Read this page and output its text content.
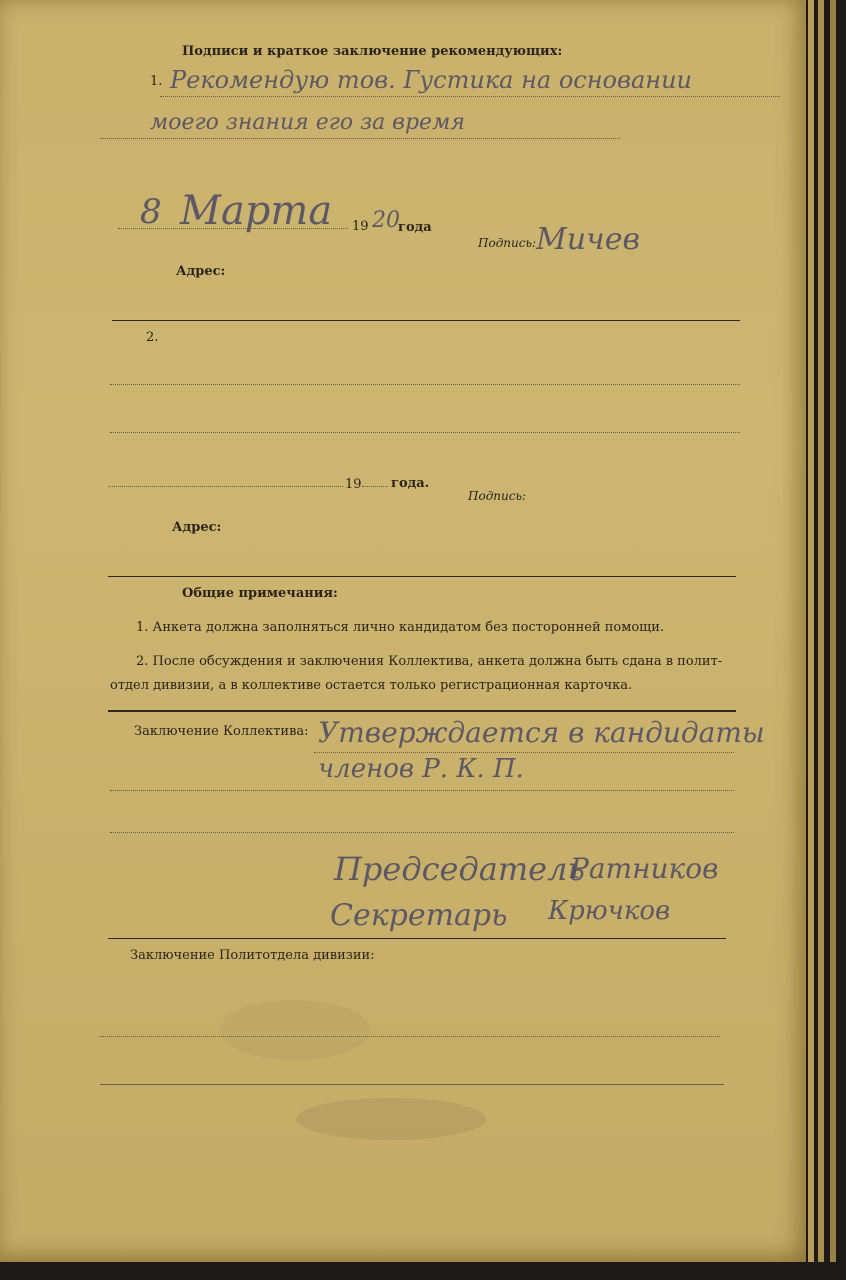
Подписи и краткое заключение рекомендующих:
1. Рекомендую тов. Густика на основании
моего знания его за время
8 Марта 19 20
года
Подпись: Мичев
Адрес:
2.
19 года.
Подпись:
Адрес:
Общие примечания:
1. Анкета должна заполняться лично кандидатом без посторонней помощи.
2. После обсуждения и заключения Коллектива, анкета должна быть сдана в полит-
отдел дивизии, а в коллективе остается только регистрационная карточка.
Заключение Коллектива: Утверждается в кандидаты
членов Р. К. П.
Председатель
Ратников
Секретарь Крючков
Заключение Политотдела дивизии:
